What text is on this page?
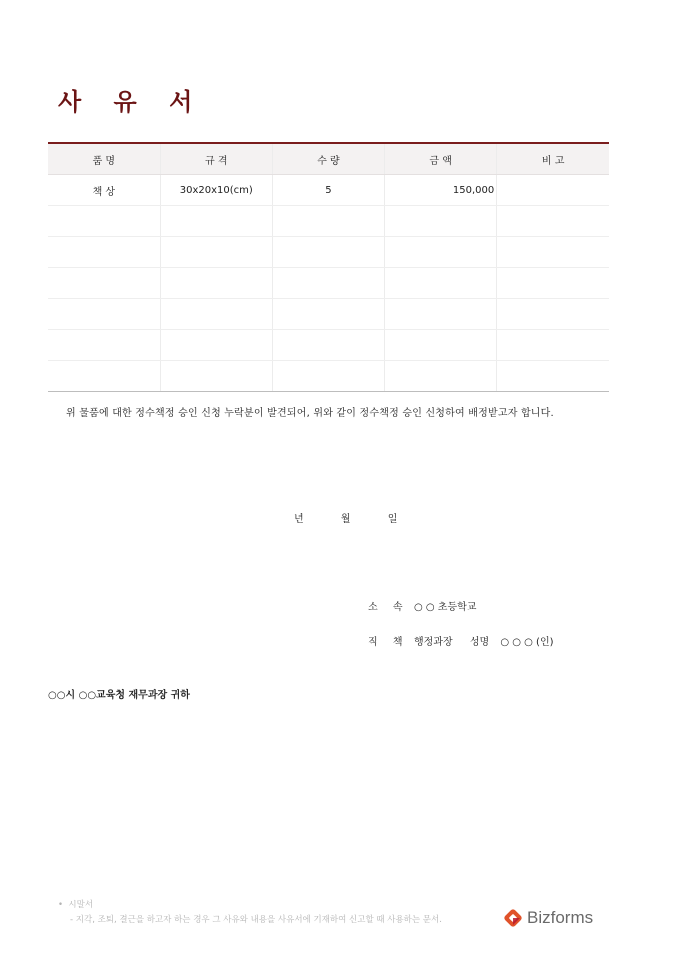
사 유 서
품 명	규 격	수 량	금 액	비 고
책 상	30x20x10(cm)	5	150,000	

위 물품에 대한 정수책정 승인 신청 누락분이 발견되어, 위와 같이 정수책정 승인 신청하여 배정받고자 합니다.
년	월	일
소 속 ○ ○ 초등학교
직 책 행정과장 성명 ○ ○ ○ (인)
○○시 ○○교육청 재무과장 귀하
• 시말서
- 지각, 조퇴, 결근을 하고자 하는 경우 그 사유와 내용을 사유서에 기재하여 신고할 때 사용하는 문서.	Bizforms
